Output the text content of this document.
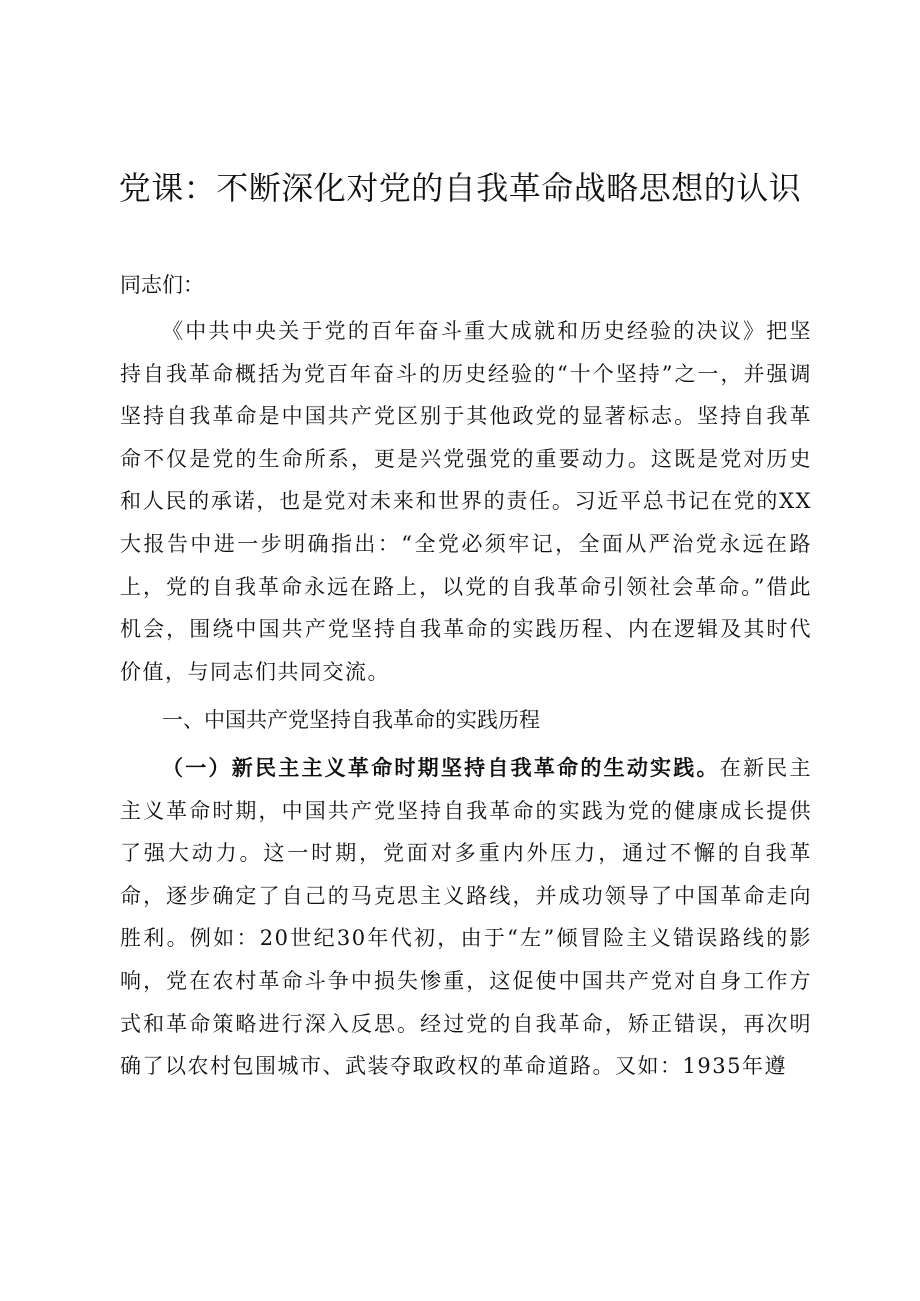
党课：不断深化对党的自我革命战略思想的认识
同志们：
《中共中央关于党的百年奋斗重大成就和历史经验的决议》把坚持自我革命概括为党百年奋斗的历史经验的“十个坚持”之一，并强调坚持自我革命是中国共产党区别于其他政党的显著标志。坚持自我革命不仅是党的生命所系，更是兴党强党的重要动力。这既是党对历史和人民的承诺，也是党对未来和世界的责任。习近平总书记在党的XX大报告中进一步明确指出：“全党必须牢记，全面从严治党永远在路上，党的自我革命永远在路上，以党的自我革命引领社会革命。”借此机会，围绕中国共产党坚持自我革命的实践历程、内在逻辑及其时代价值，与同志们共同交流。
一、中国共产党坚持自我革命的实践历程
（一）新民主主义革命时期坚持自我革命的生动实践。在新民主主义革命时期，中国共产党坚持自我革命的实践为党的健康成长提供了强大动力。这一时期，党面对多重内外压力，通过不懈的自我革命，逐步确定了自己的马克思主义路线，并成功领导了中国革命走向胜利。例如：20世纪30年代初，由于“左”倾冒险主义错误路线的影响，党在农村革命斗争中损失惨重，这促使中国共产党对自身工作方式和革命策略进行深入反思。经过党的自我革命，矫正错误，再次明确了以农村包围城市、武装夺取政权的革命道路。又如：1935年遵
